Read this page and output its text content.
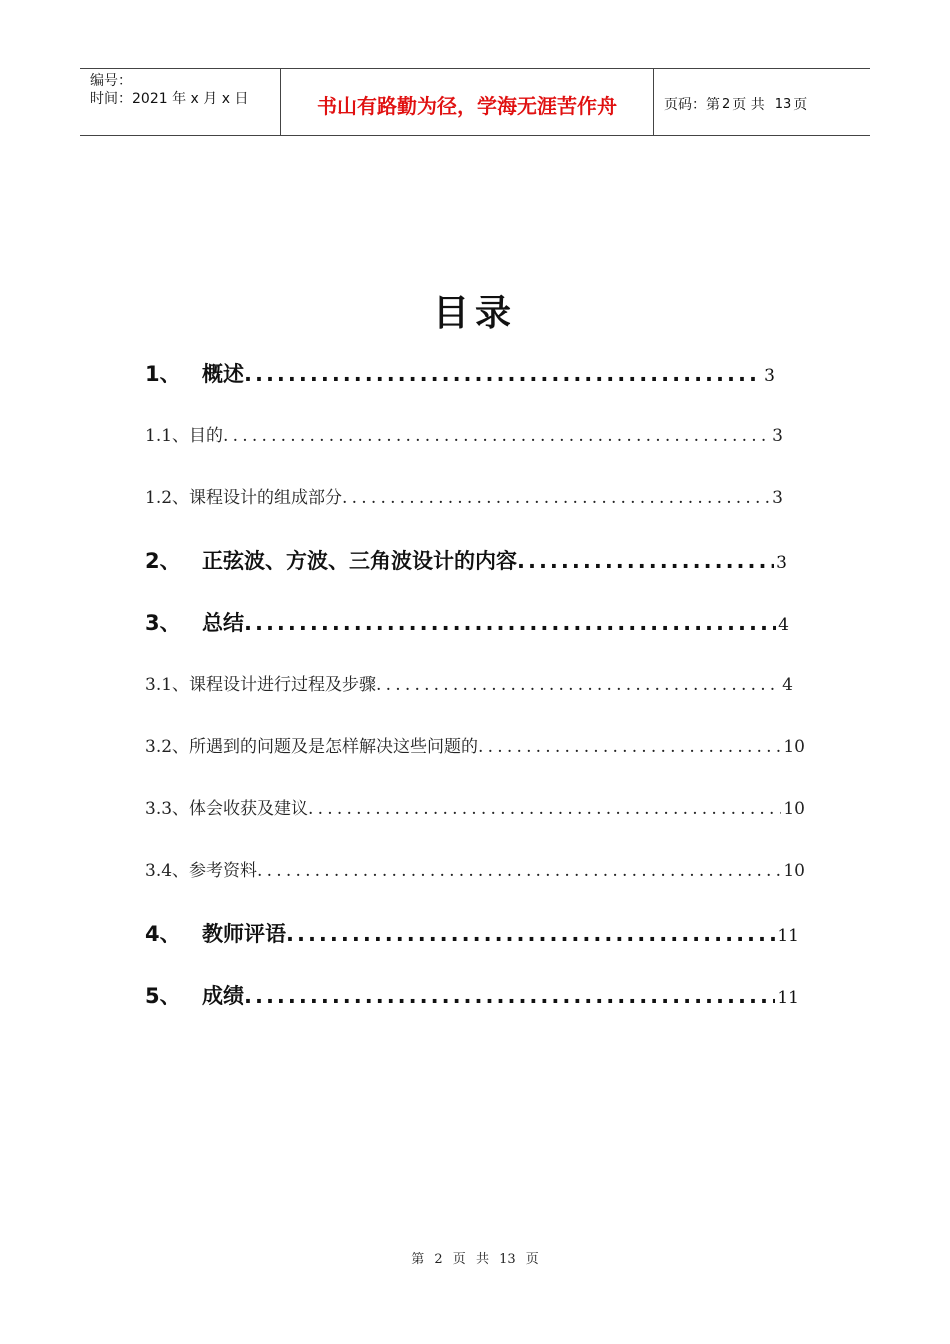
编号：
时间：2021 年 x 月 x 日	书山有路勤为径，学海无涯苦作舟	页码：第 2 页 共 13 页
目录
1、	概述 .....	3
1.1、 目的 .....	3
1.2、 课程设计的组成部分 .....	3
2、	正弦波、方波、三角波设计的内容 .....	3
3、	总结 .....	4
3.1、 课程设计进行过程及步骤 .....	4
3.2、 所遇到的问题及是怎样解决这些问题的 .....	10
3.3、 体会收获及建议 .....	10
3.4、 参考资料 .....	10
4、	教师评语 .....	11
5、	成绩 .....	11
第 2 页 共 13 页
